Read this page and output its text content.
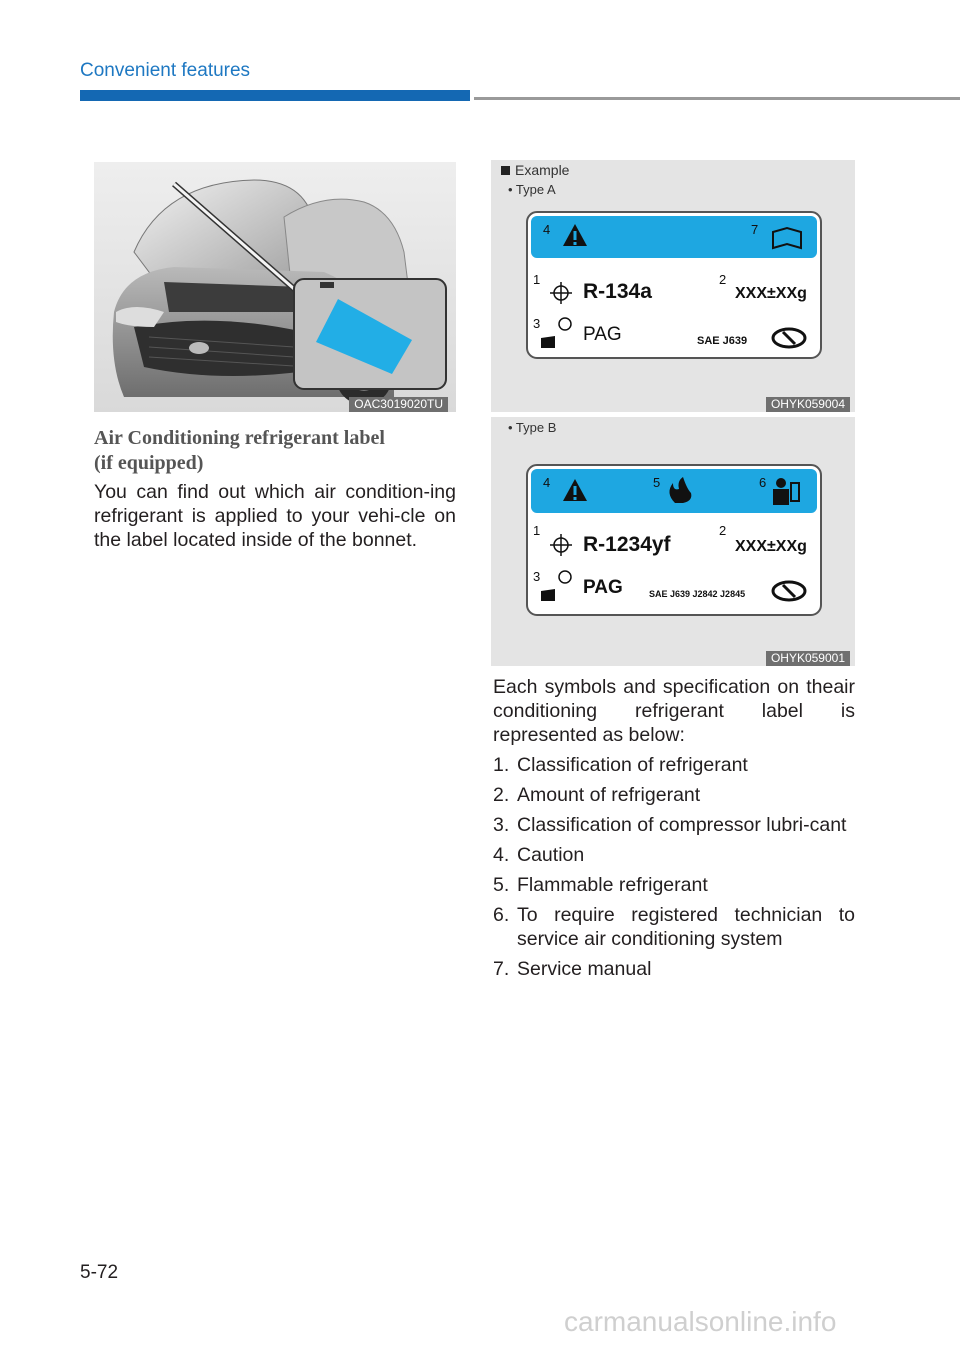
Convenient features
OAC3019020TU
Air Conditioning refrigerant label
(if equipped)
You can find out which air condition-ing refrigerant is applied to your vehi-cle on the label located inside of the bonnet.
Example
• Type A
4	7
1	2
3
R-134a	XXX±XXg
PAG	SAE J639
OHYK059004
• Type B
4	5	6
1	2
3
R-1234yf	XXX±XXg
PAG	SAE J639 J2842 J2845
OHYK059001

Each symbols and specification on theair conditioning refrigerant label is represented as below:

1. Classification of refrigerant
2. Amount of refrigerant
3. Classification of compressor lubri-cant
4. Caution
5. Flammable refrigerant
6. To require registered technician to service air conditioning system
7. Service manual
5-72
carmanualsonline.info
